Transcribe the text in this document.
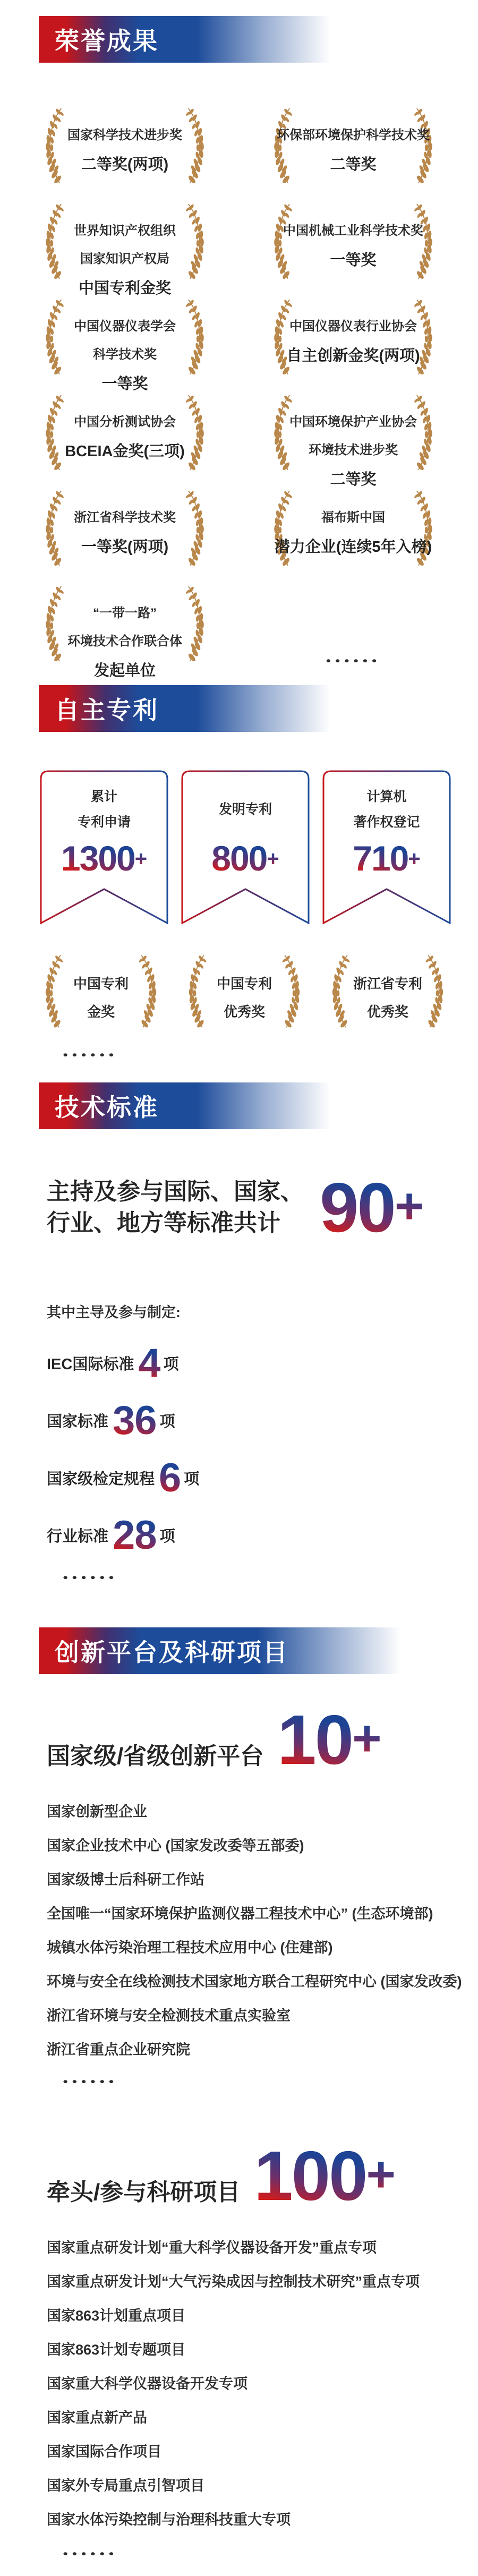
荣誉成果
国家科学技术进步奖
二等奖(两项)
环保部环境保护科学技术奖
二等奖
世界知识产权组织
国家知识产权局
中国专利金奖
中国机械工业科学技术奖
一等奖
中国仪器仪表学会
科学技术奖
一等奖
中国仪器仪表行业协会
自主创新金奖(两项)
中国分析测试协会
BCEIA金奖(三项)
中国环境保护产业协会
环境技术进步奖
二等奖
浙江省科学技术奖
一等奖(两项)
福布斯中国
潜力企业(连续5年入榜)
“一带一路”
环境技术合作联合体
发起单位
●●●●●●
自主专利
累计
专利申请
1300+
发明专利
800+
计算机
著作权登记
710+
中国专利
金奖
中国专利
优秀奖
浙江省专利
优秀奖
●●●●●●
技术标准
主持及参与国际、国家、
行业、地方等标准共计 90+
其中主导及参与制定:
IEC国际标准 4 项
国家标准 36 项
国家级检定规程 6 项
行业标准 28 项
●●●●●●
创新平台及科研项目
国家级/省级创新平台 10+
国家创新型企业
国家企业技术中心 (国家发改委等五部委)
国家级博士后科研工作站
全国唯一“国家环境保护监测仪器工程技术中心” (生态环境部)
城镇水体污染治理工程技术应用中心 (住建部)
环境与安全在线检测技术国家地方联合工程研究中心 (国家发改委)
浙江省环境与安全检测技术重点实验室
浙江省重点企业研究院
●●●●●●
牵头/参与科研项目 100+
国家重点研发计划“重大科学仪器设备开发”重点专项
国家重点研发计划“大气污染成因与控制技术研究”重点专项
国家863计划重点项目
国家863计划专题项目
国家重大科学仪器设备开发专项
国家重点新产品
国家国际合作项目
国家外专局重点引智项目
国家水体污染控制与治理科技重大专项
●●●●●●
